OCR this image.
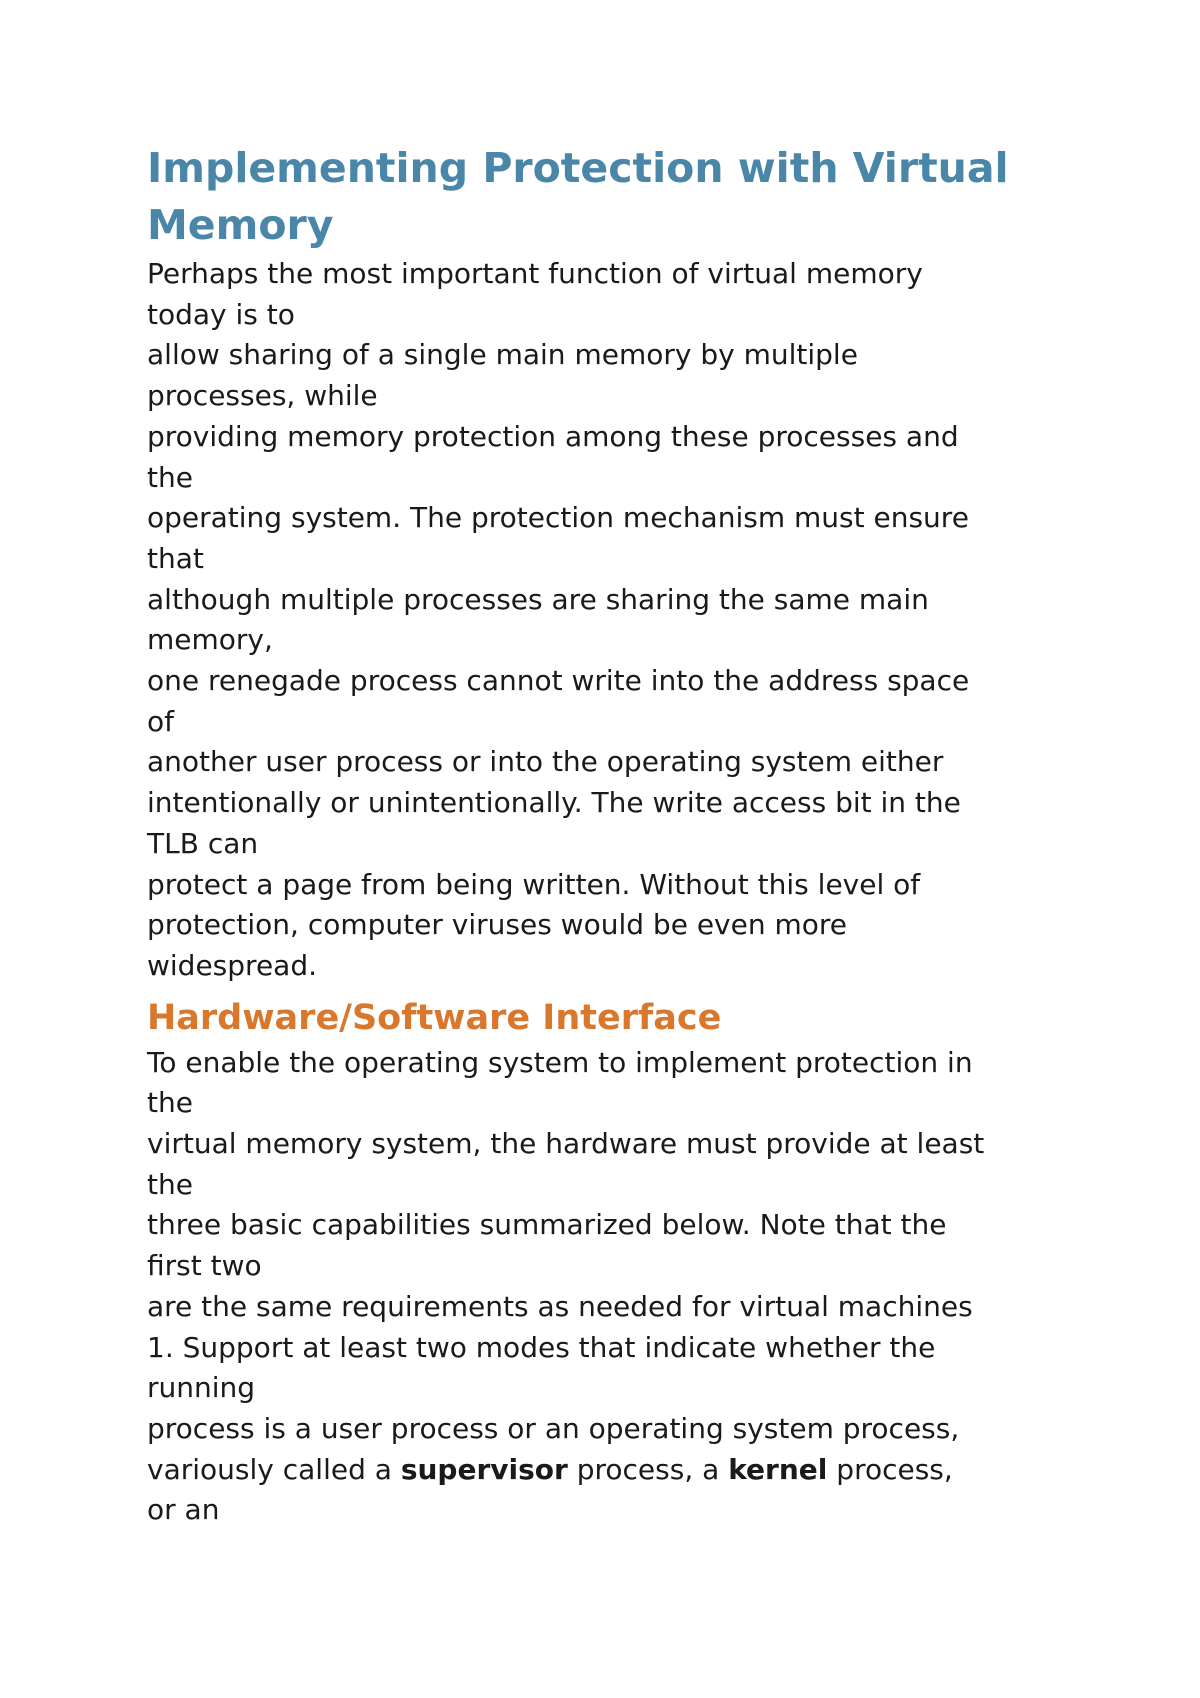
Implementing Protection with Virtual Memory

Perhaps the most important function of virtual memory
today is to
allow sharing of a single main memory by multiple
processes, while
providing memory protection among these processes and
the
operating system. The protection mechanism must ensure
that
although multiple processes are sharing the same main
memory,
one renegade process cannot write into the address space
of
another user process or into the operating system either
intentionally or unintentionally. The write access bit in the
TLB can
protect a page from being written. Without this level of
protection, computer viruses would be even more
widespread.

Hardware/Software Interface

To enable the operating system to implement protection in
the
virtual memory system, the hardware must provide at least
the
three basic capabilities summarized below. Note that the
first two
are the same requirements as needed for virtual machines
1. Support at least two modes that indicate whether the
running
process is a user process or an operating system process,
variously called a supervisor process, a kernel process,
or an
